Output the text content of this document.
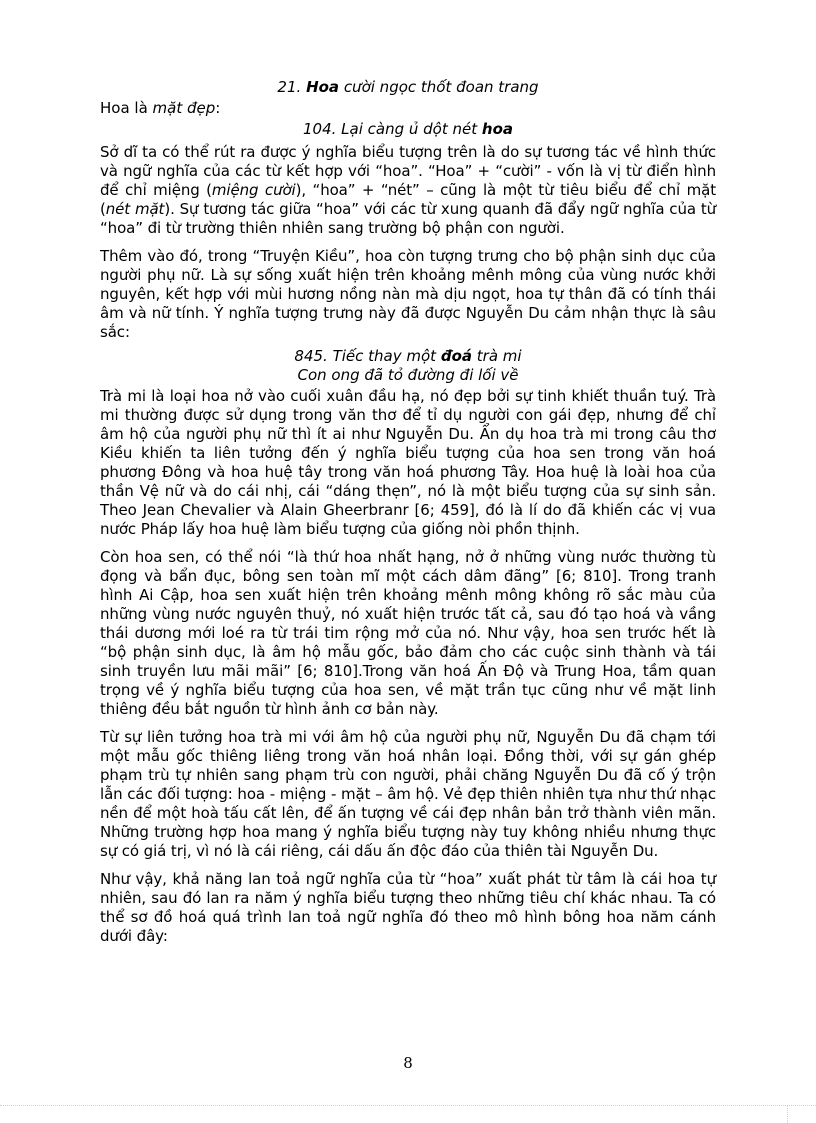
21. Hoa cười ngọc thốt đoan trang
Hoa là mặt đẹp:
104. Lại càng ủ dột nét hoa

Sở dĩ ta có thể rút ra được ý nghĩa biểu tượng trên là do sự tương tác về hình thức và ngữ nghĩa của các từ kết hợp với “hoa”. “Hoa” + “cười” - vốn là vị từ điển hình để chỉ miệng (miệng cười), “hoa” + “nét” – cũng là một từ tiêu biểu để chỉ mặt (nét mặt). Sự tương tác giữa “hoa” với các từ xung quanh đã đẩy ngữ nghĩa của từ “hoa” đi từ trường thiên nhiên sang trường bộ phận con người.

Thêm vào đó, trong “Truyện Kiều”, hoa còn tượng trưng cho bộ phận sinh dục của người phụ nữ. Là sự sống xuất hiện trên khoảng mênh mông của vùng nước khởi nguyên, kết hợp với mùi hương nồng nàn mà dịu ngọt, hoa tự thân đã có tính thái âm và nữ tính. Ý nghĩa tượng trưng này đã được Nguyễn Du cảm nhận thực là sâu sắc:

845. Tiếc thay một đoá trà mi
Con ong đã tỏ đường đi lối về

Trà mi là loại hoa nở vào cuối xuân đầu hạ, nó đẹp bởi sự tinh khiết thuần tuý. Trà mi thường được sử dụng trong văn thơ để tỉ dụ người con gái đẹp, nhưng để chỉ âm hộ của người phụ nữ thì ít ai như Nguyễn Du. Ẩn dụ hoa trà mi trong câu thơ Kiều khiến ta liên tưởng đến ý nghĩa biểu tượng của hoa sen trong văn hoá phương Đông và hoa huệ tây trong văn hoá phương Tây. Hoa huệ là loài hoa của thần Vệ nữ và do cái nhị, cái “dáng thẹn”, nó là một biểu tượng của sự sinh sản. Theo Jean Chevalier và Alain Gheerbranr [6; 459], đó là lí do đã khiến các vị vua nước Pháp lấy hoa huệ làm biểu tượng của giống nòi phồn thịnh.

Còn hoa sen, có thể nói “là thứ hoa nhất hạng, nở ở những vùng nước thường tù đọng và bẩn đục, bông sen toàn mĩ một cách dâm đãng” [6; 810]. Trong tranh hình Ai Cập, hoa sen xuất hiện trên khoảng mênh mông không rõ sắc màu của những vùng nước nguyên thuỷ, nó xuất hiện trước tất cả, sau đó tạo hoá và vầng thái dương mới loé ra từ trái tim rộng mở của nó. Như vậy, hoa sen trước hết là “bộ phận sinh dục, là âm hộ mẫu gốc, bảo đảm cho các cuộc sinh thành và tái sinh truyền lưu mãi mãi” [6; 810].Trong văn hoá Ấn Độ và Trung Hoa, tầm quan trọng về ý nghĩa biểu tượng của hoa sen, về mặt trần tục cũng như về mặt linh thiêng đều bắt nguồn từ hình ảnh cơ bản này.

Từ sự liên tưởng hoa trà mi với âm hộ của người phụ nữ, Nguyễn Du đã chạm tới một mẫu gốc thiêng liêng trong văn hoá nhân loại. Đồng thời, với sự gán ghép phạm trù tự nhiên sang phạm trù con người, phải chăng Nguyễn Du đã cố ý trộn lẫn các đối tượng: hoa - miệng - mặt – âm hộ. Vẻ đẹp thiên nhiên tựa như thứ nhạc nền để một hoà tấu cất lên, để ấn tượng về cái đẹp nhân bản trở thành viên mãn. Những trường hợp hoa mang ý nghĩa biểu tượng này tuy không nhiều nhưng thực sự có giá trị, vì nó là cái riêng, cái dấu ấn độc đáo của thiên tài Nguyễn Du.

Như vậy, khả năng lan toả ngữ nghĩa của từ “hoa” xuất phát từ tâm là cái hoa tự nhiên, sau đó lan ra năm ý nghĩa biểu tượng theo những tiêu chí khác nhau. Ta có thể sơ đồ hoá quá trình lan toả ngữ nghĩa đó theo mô hình bông hoa năm cánh dưới đây:

8
